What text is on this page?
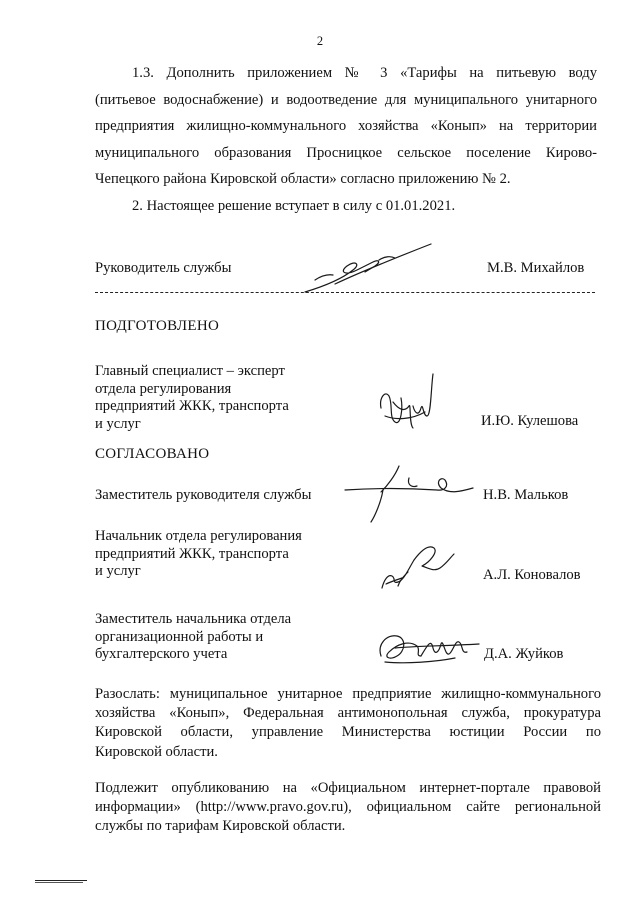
2
1.3. Дополнить приложением № 3 «Тарифы на питьевую воду
(питьевое водоснабжение) и водоотведение для муниципального унитарного
предприятия жилищно-коммунального хозяйства «Конып» на территории
муниципального образования Просницкое сельское поселение Кирово-
Чепецкого района Кировской области» согласно приложению № 2.
2. Настоящее решение вступает в силу с 01.01.2021.
Руководитель службы	М.В. Михайлов
ПОДГОТОВЛЕНО
Главный специалист – эксперт
отдела регулирования
предприятий ЖКК, транспорта
и услуг	И.Ю. Кулешова
СОГЛАСОВАНО
Заместитель руководителя службы	Н.В. Мальков
Начальник отдела регулирования
предприятий ЖКК, транспорта
и услуг	А.Л. Коновалов
Заместитель начальника отдела
организационной работы и
бухгалтерского учета	Д.А. Жуйков
Разослать: муниципальное унитарное предприятие жилищно-коммунального
хозяйства «Конып», Федеральная антимонопольная служба, прокуратура
Кировской области, управление Министерства юстиции России по
Кировской области.
Подлежит опубликованию на «Официальном интернет-портале правовой
информации» (http://www.pravo.gov.ru), официальном сайте региональной
службы по тарифам Кировской области.
